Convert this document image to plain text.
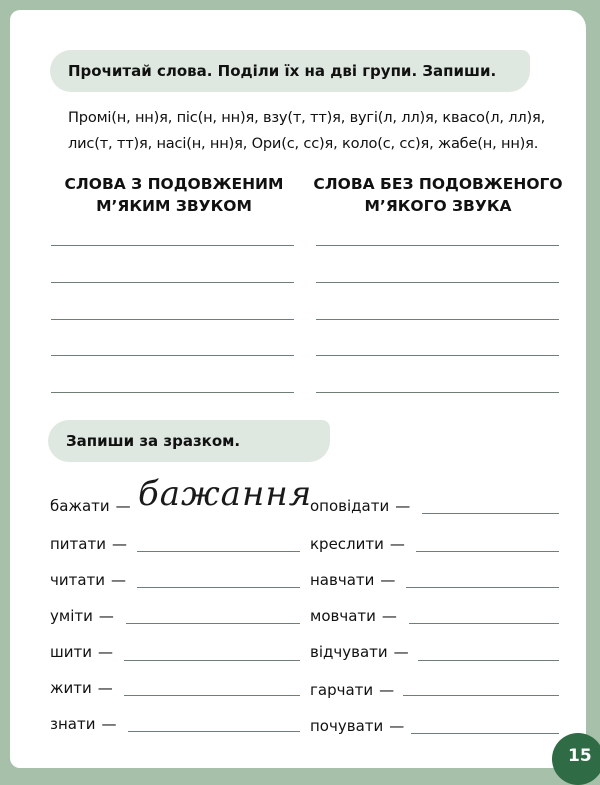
Прочитай слова. Поділи їх на дві групи. Запиши.
Промі(н, нн)я, піс(н, нн)я, взу(т, тт)я, вугі(л, лл)я, квасо(л, лл)я,
лис(т, тт)я, насі(н, нн)я, Ори(с, сс)я, коло(с, сс)я, жабе(н, нн)я.
СЛОВА З ПОДОВЖЕНИМ
М’ЯКИМ ЗВУКОМ
СЛОВА БЕЗ ПОДОВЖЕНОГО
М’ЯКОГО ЗВУКА
Запиши за зразком.
бажати — бажання
питати —
читати —
уміти —
шити —
жити —
знати —
оповідати —
креслити —
навчати —
мовчати —
відчувати —
гарчати —
почувати —
15
